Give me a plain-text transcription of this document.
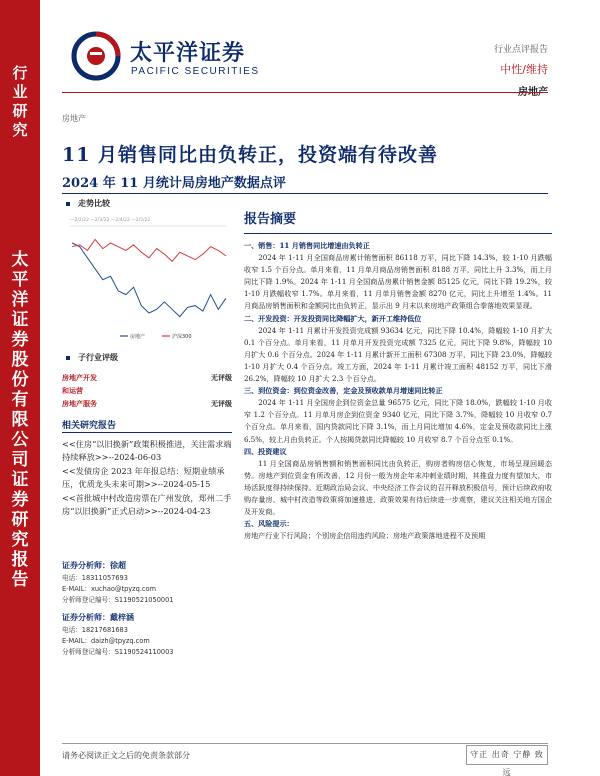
行
业
研
究
太
平
洋
证
券
股
份
有
限
公
司
证
券
研
究
报
告
太平洋证券
PACIFIC SECURITIES
行业点评报告
中性/维持
房地产
11 月销售同比由负转正，投资端有待改善
2024 年 11 月统计局房地产数据点评
走势比较
—2/2/22 —2/3/22 —2/4/22 —2/5/22
房地产	沪深300
子行业评级
房地产开发	无评级
和运营
房地产服务	无评级
相关研究报告

<<住房“以旧换新”政策积极推进，关注需求端持续释放>>--2024-06-03

<<发债房企 2023 年年报总结：短期业绩承压，优质龙头未来可期>>--2024-05-15

<<首批城中村改造房票在广州发放，郑州二手房“以旧换新”正式启动>>--2024-04-23

证券分析师：徐超
电话：18311057693
E-MAIL：xuchao@tpyzq.com
分析师登记编号：S1190521050001
证券分析师：戴梓涵
电话：18217681683
E-MAIL：daizh@tpyzq.com
分析师登记编号：S1190524110003
报告摘要
一、销售：11 月销售同比增速由负转正
2024 年 1-11 月全国商品房累计销售面积 86118 万平，同比下降 14.3%，较 1-10 月跌幅收窄 1.5 个百分点。单月来看，11 月单月商品房销售面积 8188 万平，同比上升 3.3%，而上月同比下降 1.9%。2024 年 1-11 月全国商品房累计销售金额 85125 亿元，同比下降 19.2%，较 1-10 月跌幅收窄 1.7%。单月来看，11 月单月销售金额 8270 亿元，同比上升增至 1.4%。11 月商品房销售面积和金额同比由负转正，显示出 9 月末以来房地产政策组合拳落地效果显现。
二、开发投资：开发投资同比降幅扩大，新开工维持低位
2024 年 1-11 月累计开发投资完成额 93634 亿元，同比下降 10.4%，降幅较 1-10 月扩大 0.1 个百分点。单月来看，11 月单月开发投资完成额 7325 亿元，同比下降 9.8%，降幅较 10 月扩大 0.6 个百分点。2024 年 1-11 月累计新开工面积 67308 万平，同比下降 23.0%，降幅较 1-10 月扩大 0.4 个百分点。竣工方面，2024 年 1-11 月累计竣工面积 48152 万平，同比下滑 26.2%，降幅较 10 月扩大 2.3 个百分点。
三、到位资金：到位资金改善，定金及预收款单月增速同比转正
2024 年 1-11 月全国房企到位资金总量 96575 亿元，同比下降 18.0%，跌幅较 1-10 月收窄 1.2 个百分点。11 月单月房企到位资金 9340 亿元，同比下降 3.7%，降幅较 10 月收窄 0.7 个百分点。单月来看，国内贷款同比下降 3.1%，而上月同比增加 4.6%，定金及预收款同比上涨 6.5%，较上月由负转正。个人按揭贷款同比降幅较 10 月收窄 8.7 个百分点至 0.1%。
四、投资建议
11 月全国商品房销售额和销售面积同比由负转正，购房者购房信心恢复，市场呈现回暖态势。房地产到位资金有所改善，12 月份一般为房企年末冲刺业绩时期，其推盘力度有望加大，市场活跃度得持续保持。近期政治局会议、中央经济工作会议的召开释放积极信号，预计后续政府收购存量房、城中村改造等政策将加速推进，政策效果有待后续进一步观察，建议关注相关地方国企及开发商。
五、风险提示：
房地产行业下行风险；个别房企信用违约风险；房地产政策落地进程不及预期
请务必阅读正文之后的免责条款部分	守正 出奇 宁静 致远
